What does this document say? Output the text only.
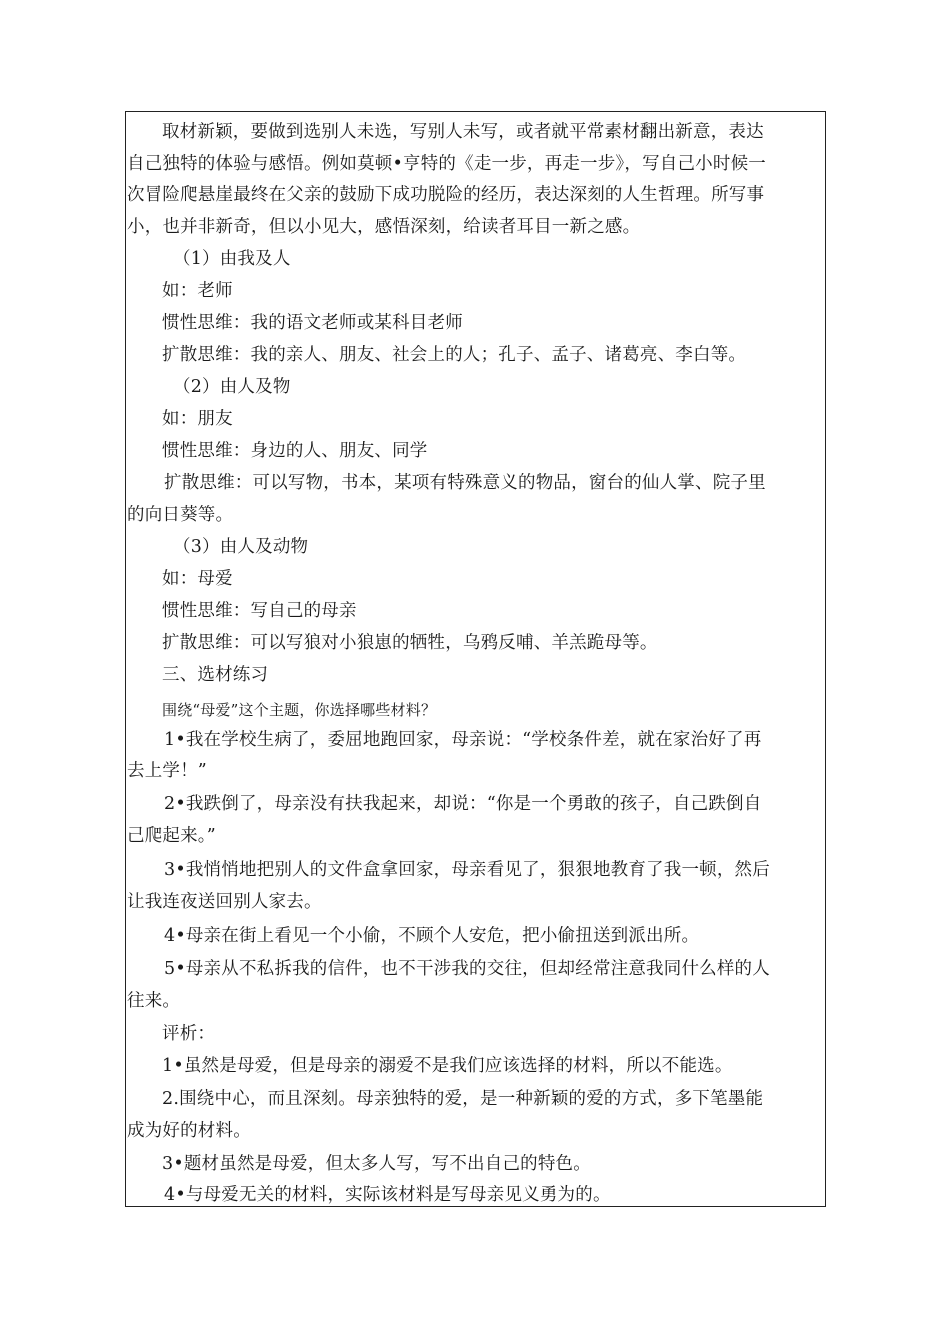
取材新颖，要做到选别人未选，写别人未写，或者就平常素材翻出新意，表达
自己独特的体验与感悟。例如莫顿•亨特的《走一步，再走一步》，写自己小时候一
次冒险爬悬崖最终在父亲的鼓励下成功脱险的经历，表达深刻的人生哲理。所写事
小，也并非新奇，但以小见大，感悟深刻，给读者耳目一新之感。
（1）由我及人
如：老师
惯性思维：我的语文老师或某科目老师
扩散思维：我的亲人、朋友、社会上的人；孔子、孟子、诸葛亮、李白等。
（2）由人及物
如：朋友
惯性思维：身边的人、朋友、同学
扩散思维：可以写物，书本，某项有特殊意义的物品，窗台的仙人掌、院子里
的向日葵等。
（3）由人及动物
如：母爱
惯性思维：写自己的母亲
扩散思维：可以写狼对小狼崽的牺牲，乌鸦反哺、羊羔跪母等。
三、选材练习
围绕“母爱”这个主题，你选择哪些材料？
1•我在学校生病了，委屈地跑回家，母亲说：“学校条件差，就在家治好了再
去上学！”
2•我跌倒了，母亲没有扶我起来，却说：“你是一个勇敢的孩子，自己跌倒自
己爬起来。”
3•我悄悄地把别人的文件盒拿回家，母亲看见了，狠狠地教育了我一顿，然后
让我连夜送回别人家去。
4•母亲在街上看见一个小偷，不顾个人安危，把小偷扭送到派出所。
5•母亲从不私拆我的信件，也不干涉我的交往，但却经常注意我同什么样的人
往来。
评析：
1•虽然是母爱，但是母亲的溺爱不是我们应该选择的材料，所以不能选。
2.围绕中心，而且深刻。母亲独特的爱，是一种新颖的爱的方式，多下笔墨能
成为好的材料。
3•题材虽然是母爱，但太多人写，写不出自己的特色。
4•与母爱无关的材料，实际该材料是写母亲见义勇为的。
